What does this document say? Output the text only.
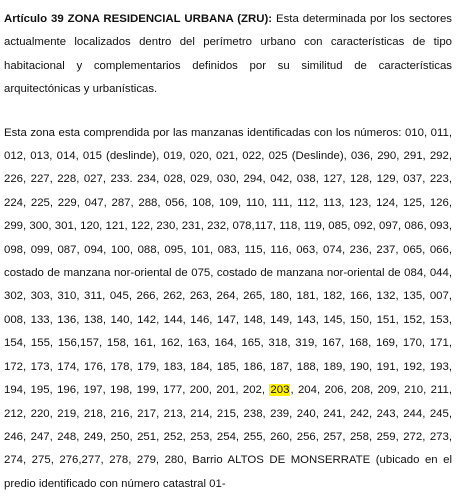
Artículo 39 ZONA RESIDENCIAL URBANA (ZRU): Esta determinada por los sectores actualmente localizados dentro del perímetro urbano con características de tipo habitacional y complementarios definidos por su similitud de características arquitectónicas y urbanísticas.

Esta zona esta comprendida por las manzanas identificadas con los números: 010, 011, 012, 013, 014, 015 (deslinde), 019, 020, 021, 022, 025 (Deslinde), 036, 290, 291, 292, 226, 227, 228, 027, 233. 234, 028, 029, 030, 294, 042, 038, 127, 128, 129, 037, 223, 224, 225, 229, 047, 287, 288, 056, 108, 109, 110, 111, 112, 113, 123, 124, 125, 126, 299, 300, 301, 120, 121, 122, 230, 231, 232, 078,117, 118, 119, 085, 092, 097, 086, 093, 098, 099, 087, 094, 100, 088, 095, 101, 083, 115, 116, 063, 074, 236, 237, 065, 066, costado de manzana nor-oriental de 075, costado de manzana nor-oriental de 084, 044, 302, 303, 310, 311, 045, 266, 262, 263, 264, 265, 180, 181, 182, 166, 132, 135, 007, 008, 133, 136, 138, 140, 142, 144, 146, 147, 148, 149, 143, 145, 150, 151, 152, 153, 154, 155, 156,157, 158, 161, 162, 163, 164, 165, 318, 319, 167, 168, 169, 170, 171, 172, 173, 174, 176, 178, 179, 183, 184, 185, 186, 187, 188, 189, 190, 191, 192, 193, 194, 195, 196, 197, 198, 199, 177, 200, 201, 202, 203, 204, 206, 208, 209, 210, 211, 212, 220, 219, 218, 216, 217, 213, 214, 215, 238, 239, 240, 241, 242, 243, 244, 245, 246, 247, 248, 249, 250, 251, 252, 253, 254, 255, 260, 256, 257, 258, 259, 272, 273, 274, 275, 276,277, 278, 279, 280, Barrio ALTOS DE MONSERRATE (ubicado en el predio identificado con número catastral 01-
